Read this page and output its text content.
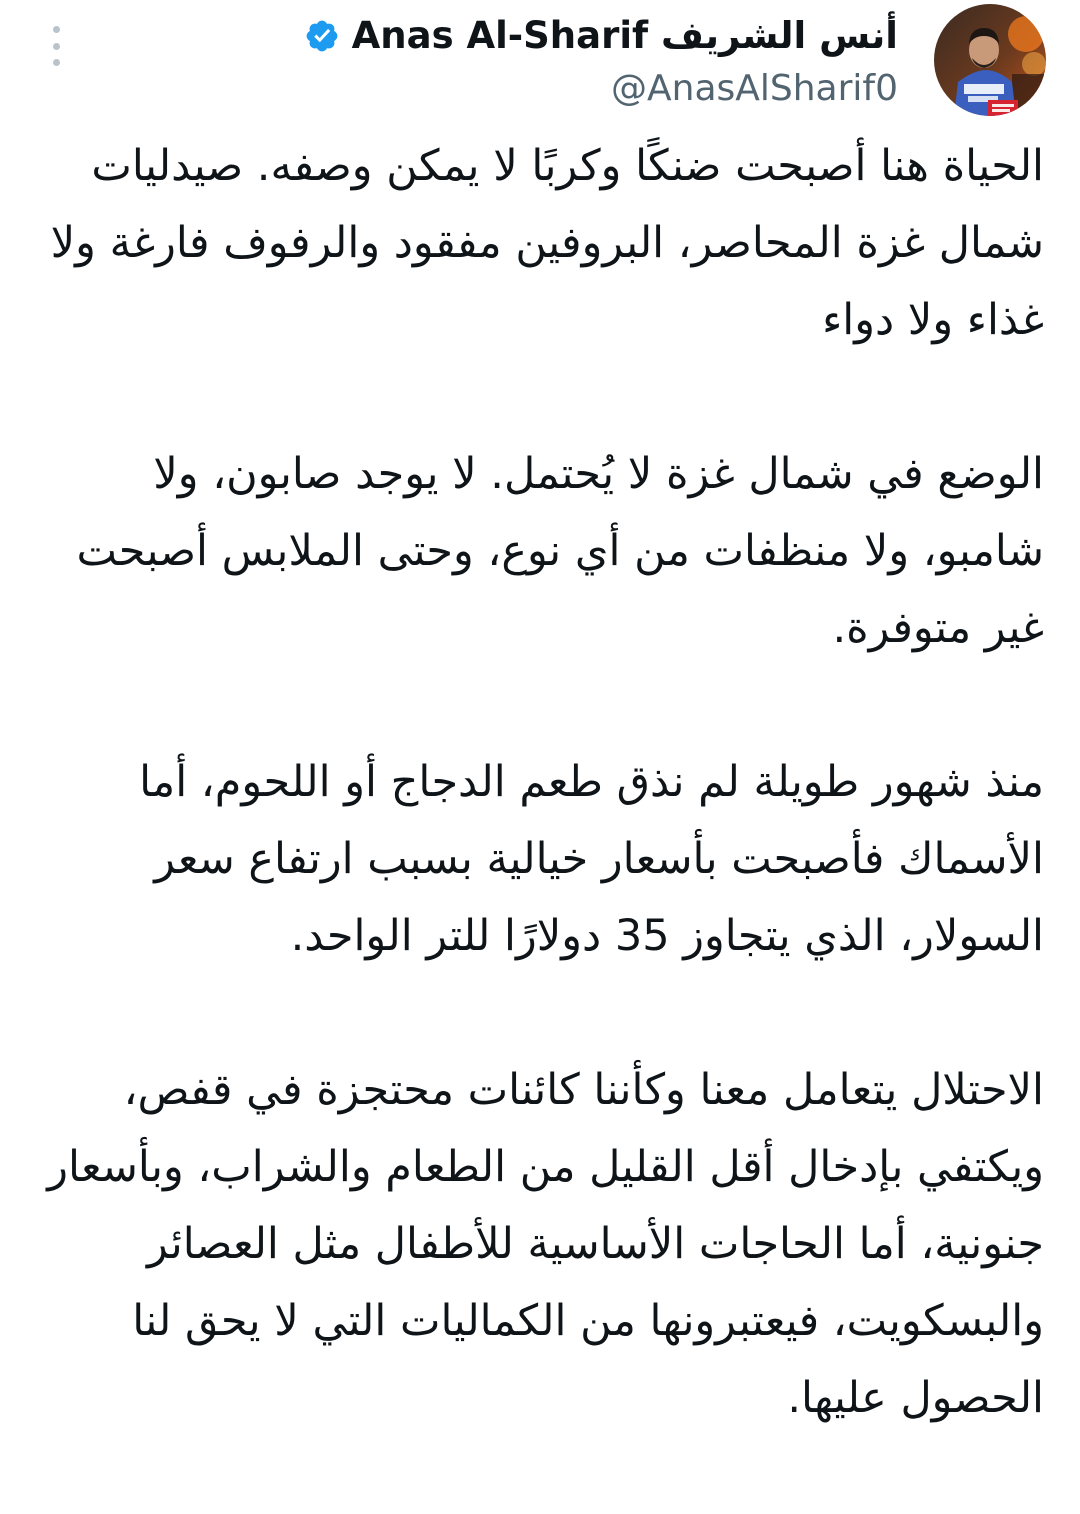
Anas Al-Sharif أنس الشريف
@AnasAlSharif0

الحياة هنا أصبحت ضنكًا وكربًا لا يمكن وصفه. صيدليات شمال غزة المحاصر، البروفين مفقود والرفوف فارغة ولا غذاء ولا دواء

الوضع في شمال غزة لا يُحتمل. لا يوجد صابون، ولا شامبو، ولا منظفات من أي نوع، وحتى الملابس أصبحت غير متوفرة.

منذ شهور طويلة لم نذق طعم الدجاج أو اللحوم، أما الأسماك فأصبحت بأسعار خيالية بسبب ارتفاع سعر السولار، الذي يتجاوز 35 دولارًا للتر الواحد.

الاحتلال يتعامل معنا وكأننا كائنات محتجزة في قفص، ويكتفي بإدخال أقل القليل من الطعام والشراب، وبأسعار جنونية، أما الحاجات الأساسية للأطفال مثل العصائر والبسكويت، فيعتبرونها من الكماليات التي لا يحق لنا الحصول عليها.
